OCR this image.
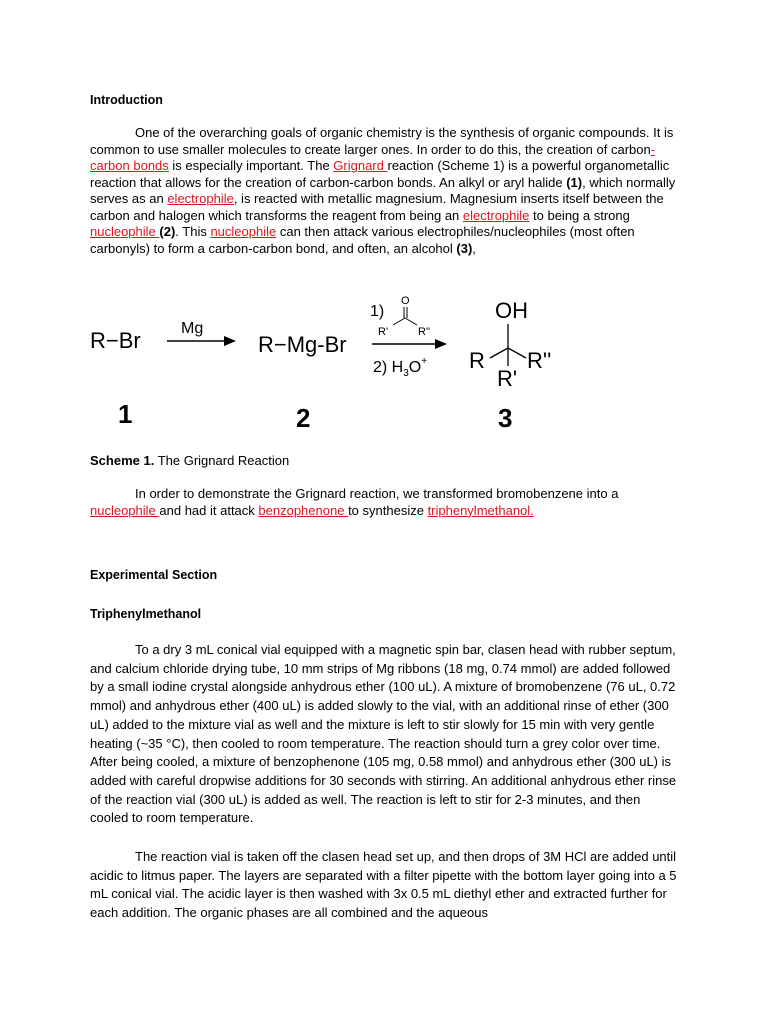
Introduction
One of the overarching goals of organic chemistry is the synthesis of organic compounds. It is common to use smaller molecules to create larger ones. In order to do this, the creation of carbon-carbon bonds is especially important. The Grignard reaction (Scheme 1) is a powerful organometallic reaction that allows for the creation of carbon-carbon bonds. An alkyl or aryl halide (1), which normally serves as an electrophile, is reacted with metallic magnesium. Magnesium inserts itself between the carbon and halogen which transforms the reagent from being an electrophile to being a strong nucleophile (2). This nucleophile can then attack various electrophiles/nucleophiles (most often carbonyls) to form a carbon-carbon bond, and often, an alcohol (3),
R−Br	Mg
R−Mg-Br
1)
O
R'	R''
2) $H_3O^+$
OH
R R''
R'
1	2	3
Scheme 1. The Grignard Reaction
In order to demonstrate the Grignard reaction, we transformed bromobenzene into a nucleophile and had it attack benzophenone to synthesize triphenylmethanol.
Experimental Section
Triphenylmethanol
To a dry 3 mL conical vial equipped with a magnetic spin bar, clasen head with rubber septum, and calcium chloride drying tube, 10 mm strips of Mg ribbons (18 mg, 0.74 mmol) are added followed by a small iodine crystal alongside anhydrous ether (100 uL). A mixture of bromobenzene (76 uL, 0.72 mmol) and anhydrous ether (400 uL) is added slowly to the vial, with an additional rinse of ether (300 uL) added to the mixture vial as well and the mixture is left to stir slowly for 15 min with very gentle heating (~35 °C), then cooled to room temperature. The reaction should turn a grey color over time. After being cooled, a mixture of benzophenone (105 mg, 0.58 mmol) and anhydrous ether (300 uL) is added with careful dropwise additions for 30 seconds with stirring. An additional anhydrous ether rinse of the reaction vial (300 uL) is added as well. The reaction is left to stir for 2-3 minutes, and then cooled to room temperature.
The reaction vial is taken off the clasen head set up, and then drops of 3M HCl are added until acidic to litmus paper. The layers are separated with a filter pipette with the bottom layer going into a 5 mL conical vial. The acidic layer is then washed with 3x 0.5 mL diethyl ether and extracted further for each addition. The organic phases are all combined and the aqueous
